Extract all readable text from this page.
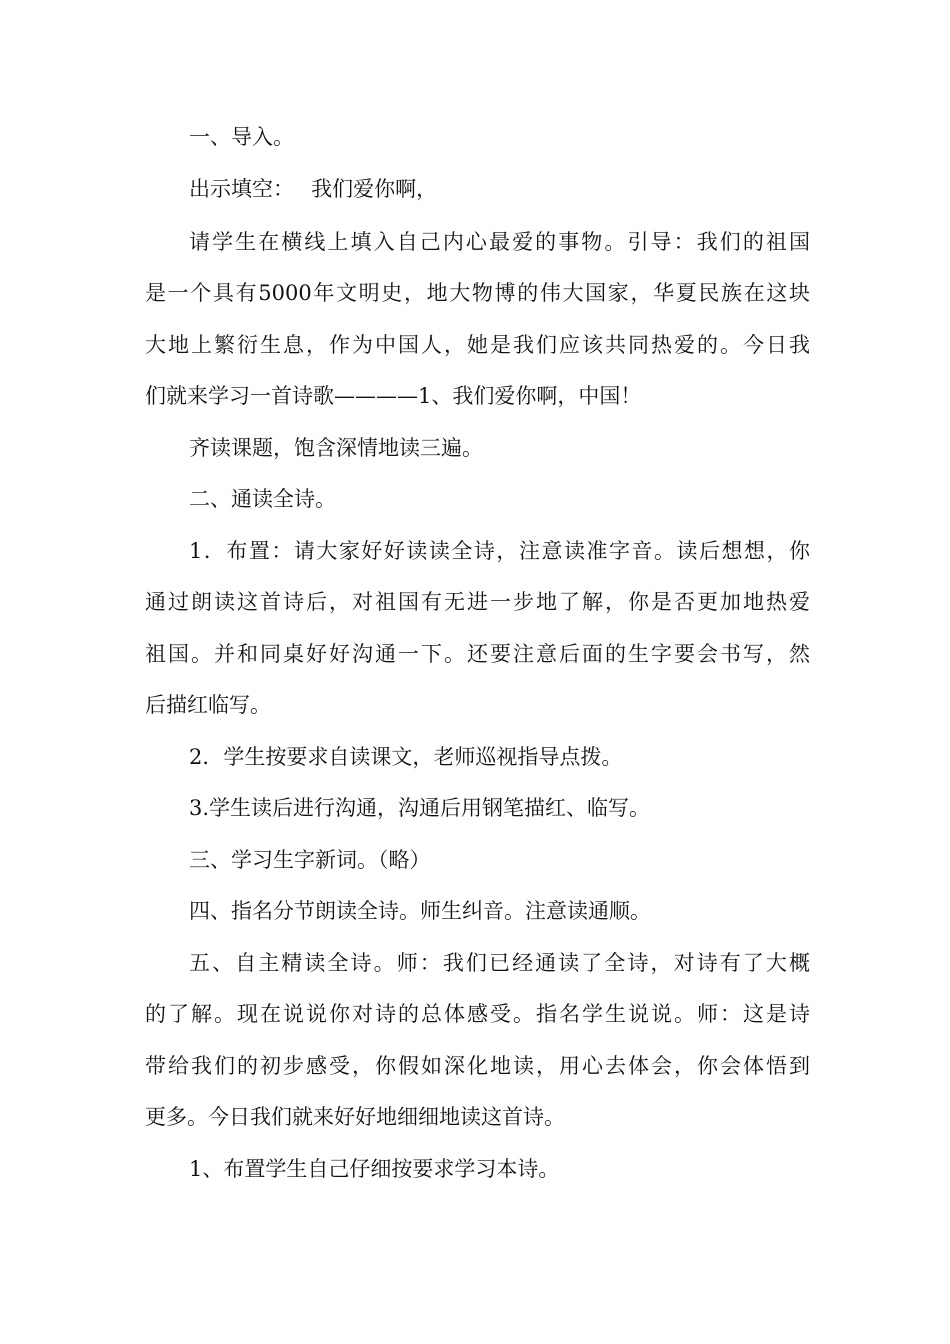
一、导入。
出示填空：　 我们爱你啊，
请学生在横线上填入自己内心最爱的事物。引导：我们的祖国
是一个具有5000年文明史，地大物博的伟大国家，华夏民族在这块
大地上繁衍生息，作为中国人，她是我们应该共同热爱的。今日我
们就来学习一首诗歌————1、我们爱你啊，中国！
齐读课题，饱含深情地读三遍。
二、通读全诗。
1．布置：请大家好好读读全诗，注意读准字音。读后想想，你
通过朗读这首诗后，对祖国有无进一步地了解，你是否更加地热爱
祖国。并和同桌好好沟通一下。还要注意后面的生字要会书写，然
后描红临写。
2．学生按要求自读课文，老师巡视指导点拨。
3.学生读后进行沟通，沟通后用钢笔描红、临写。
三、学习生字新词。（略）
四、指名分节朗读全诗。师生纠音。注意读通顺。
五、自主精读全诗。师：我们已经通读了全诗，对诗有了大概
的了解。现在说说你对诗的总体感受。指名学生说说。师：这是诗
带给我们的初步感受，你假如深化地读，用心去体会，你会体悟到
更多。今日我们就来好好地细细地读这首诗。
1、布置学生自己仔细按要求学习本诗。
